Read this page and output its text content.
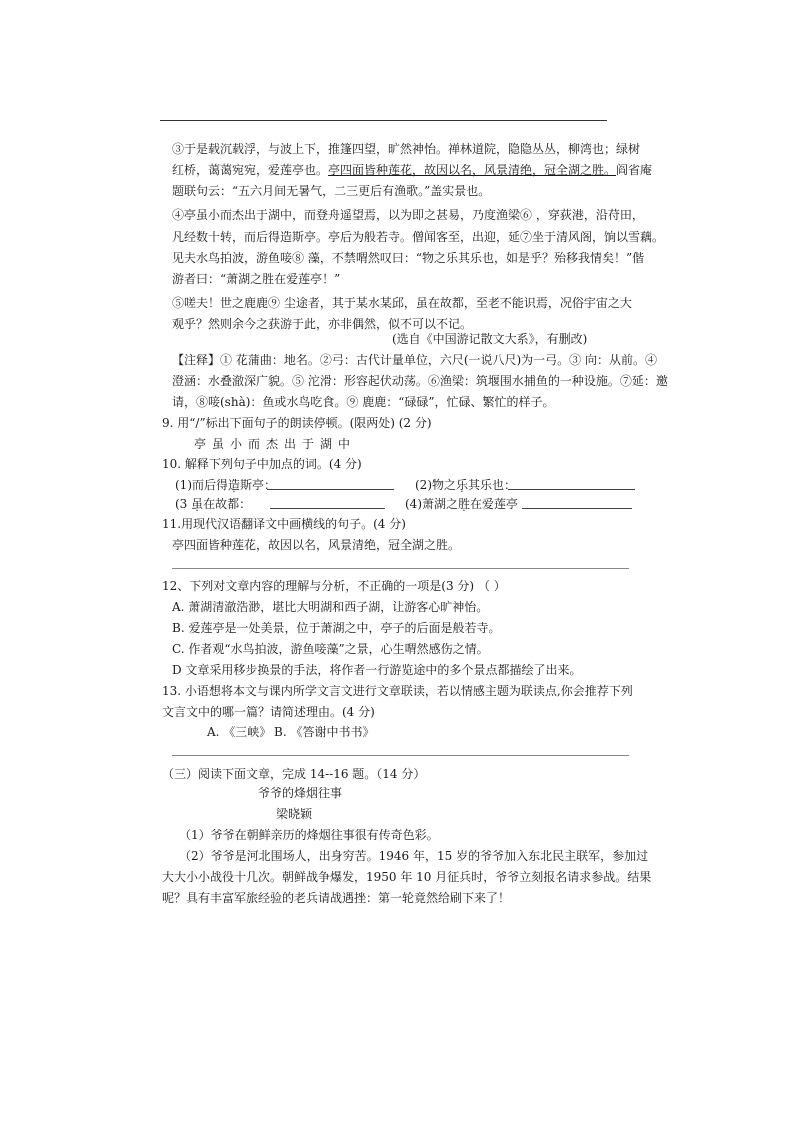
③于是载沉载浮，与波上下，推篷四望，旷然神怡。禅林道院，隐隐丛丛，柳湾也；绿树
红桥，蔼蔼宛宛，爱莲亭也。亭四面皆种莲花，故因以名，风景清绝，冠全湖之胜。阎省庵
题联句云：“五六月间无暑气，二三更后有渔歌。”盖实景也。
④亭虽小而杰出于湖中，而登舟遥望焉，以为即之甚易，乃度渔梁⑥ ，穿荻港，沿苻田，
凡经数十转，而后得造斯亭。亭后为般若寺。僧闻客至，出迎，延⑦坐于清风阁，饷以雪藕。
见夫水鸟拍波，游鱼唼⑧ 藻，不禁喟然叹曰：“物之乐其乐也，如是乎？殆移我情矣！”偕
游者曰：“萧湖之胜在爱莲亭！”
⑤嗟夫！世之鹿鹿⑨ 尘途者，其于某水某邱，虽在故都，至老不能识焉，况俗宇宙之大
观乎？然则余今之获游于此，亦非偶然，似不可以不记。
(选自《中国游记散文大系》，有删改)
【注释】① 花蒲曲：地名。②弓：古代计量单位，六尺(一说八尺)为一弓。③ 向：从前。④
澄涵：水叠澈深广貌。⑤ 沱滑：形容起伏动荡。⑥渔梁：筑堰围水捕鱼的一种设施。⑦延：邀
请，⑧唼(shà)：鱼或水鸟吃食。⑨ 鹿鹿：“碌碌”，忙碌、繁忙的样子。
9. 用“/”标出下面句子的朗读停顿。(限两处) (2 分)
亭虽小而杰出于湖中
10. 解释下列句子中加点的词。(4 分)
(1)而后得造斯亭：	(2)物之乐其乐也：
(3 虽在故都：	(4)萧湖之胜在爱莲亭
11.用现代汉语翻译文中画横线的句子。(4 分)
亭四面皆种莲花，故因以名，风景清绝，冠全湖之胜。
12、下列对文章内容的理解与分析，不正确的一项是(3 分) （ ）
A. 萧湖清澈浩渺，堪比大明湖和西子湖，让游客心旷神怡。
B. 爱莲亭是一处美景，位于萧湖之中，亭子的后面是般若寺。
C. 作者观“水鸟拍波，游鱼唼藻”之景，心生喟然感伤之情。
D 文章采用移步换景的手法，将作者一行游览途中的多个景点都描绘了出来。
13. 小语想将本文与课内所学文言文进行文章联读，若以情感主题为联读点,你会推荐下列
文言文中的哪一篇？请简述理由。(4 分)
A. 《三峡》 B. 《答谢中书书》
（三）阅读下面文章，完成 14--16 题。（14 分）
爷爷的烽烟往事
梁晓颖
（1）爷爷在朝鲜亲历的烽烟往事很有传奇色彩。
（2）爷爷是河北围场人，出身穷苦。1946 年，15 岁的爷爷加入东北民主联军，参加过
大大小小战役十几次。朝鲜战争爆发，1950 年 10 月征兵时，爷爷立刻报名请求参战。结果
呢？具有丰富军旅经验的老兵请战遇挫：第一轮竟然给刷下来了！
